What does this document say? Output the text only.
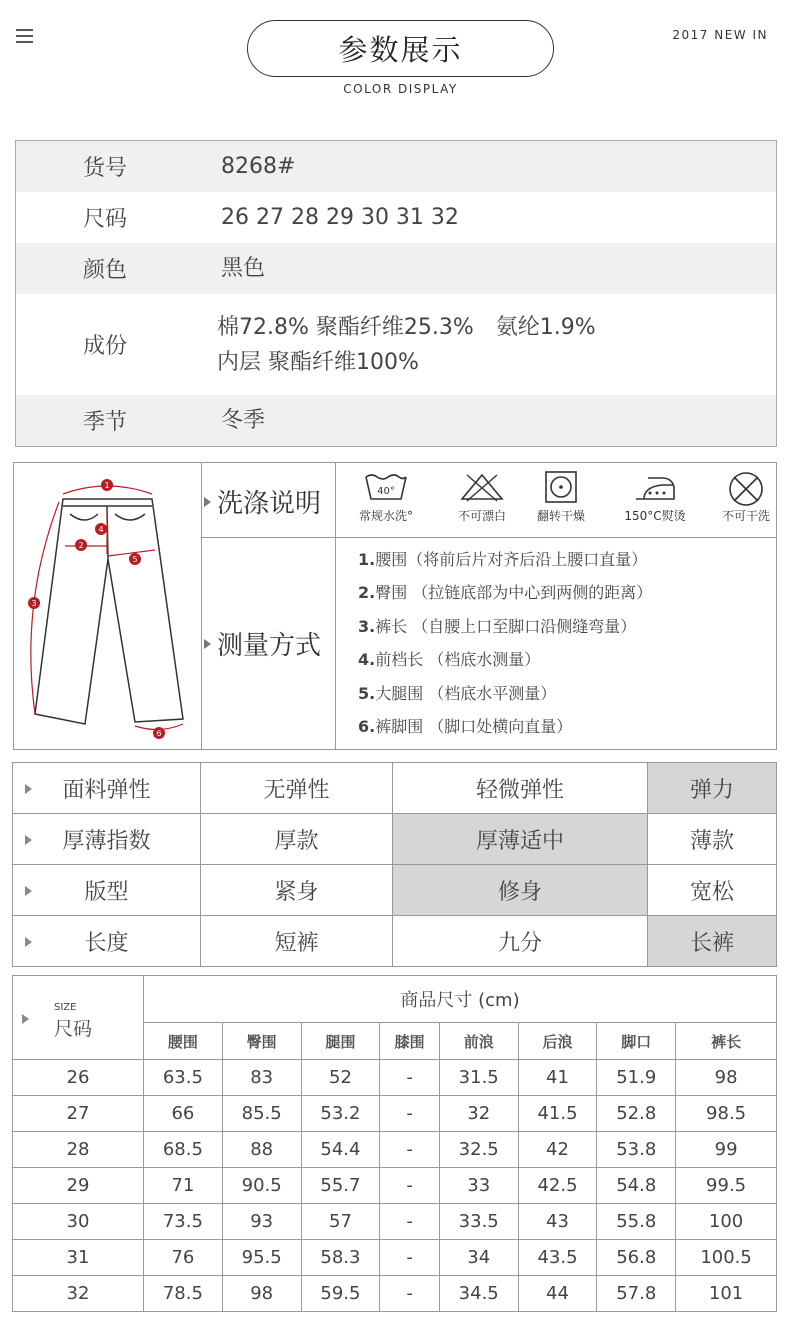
参数展示
COLOR DISPLAY
2017 NEW IN
货号	8268#
尺码	26 27 28 29 30 31 32
颜色	黑色
成份
棉72.8% 聚酯纤维25.3%　氨纶1.9%
内层 聚酯纤维100%
季节	冬季
1
2
3
4
5
6
洗涤说明
测量方式
40°
常规水洗°	不可漂白	翻转干燥	150°C熨烫	不可干洗
1.腰围（将前后片对齐后沿上腰口直量）
2.臀围 （拉链底部为中心到两侧的距离）
3.裤长 （自腰上口至脚口沿侧缝弯量）
4.前档长 （档底水测量）
5.大腿围 （档底水平测量）
6.裤脚围 （脚口处横向直量）
面料弹性	无弹性	轻微弹性	弹力

厚薄指数	厚款	厚薄适中	薄款

版型	紧身	修身	宽松

长度	短裤	九分	长裤
SIZE
尺码	商品尺寸 (cm)							
	腰围	臀围	腿围	膝围	前浪	后浪	脚口	裤长
26	63.5	83	52	-	31.5	41	51.9	98
27	66	85.5	53.2	-	32	41.5	52.8	98.5
28	68.5	88	54.4	-	32.5	42	53.8	99
29	71	90.5	55.7	-	33	42.5	54.8	99.5
30	73.5	93	57	-	33.5	43	55.8	100
31	76	95.5	58.3	-	34	43.5	56.8	100.5
32	78.5	98	59.5	-	34.5	44	57.8	101
